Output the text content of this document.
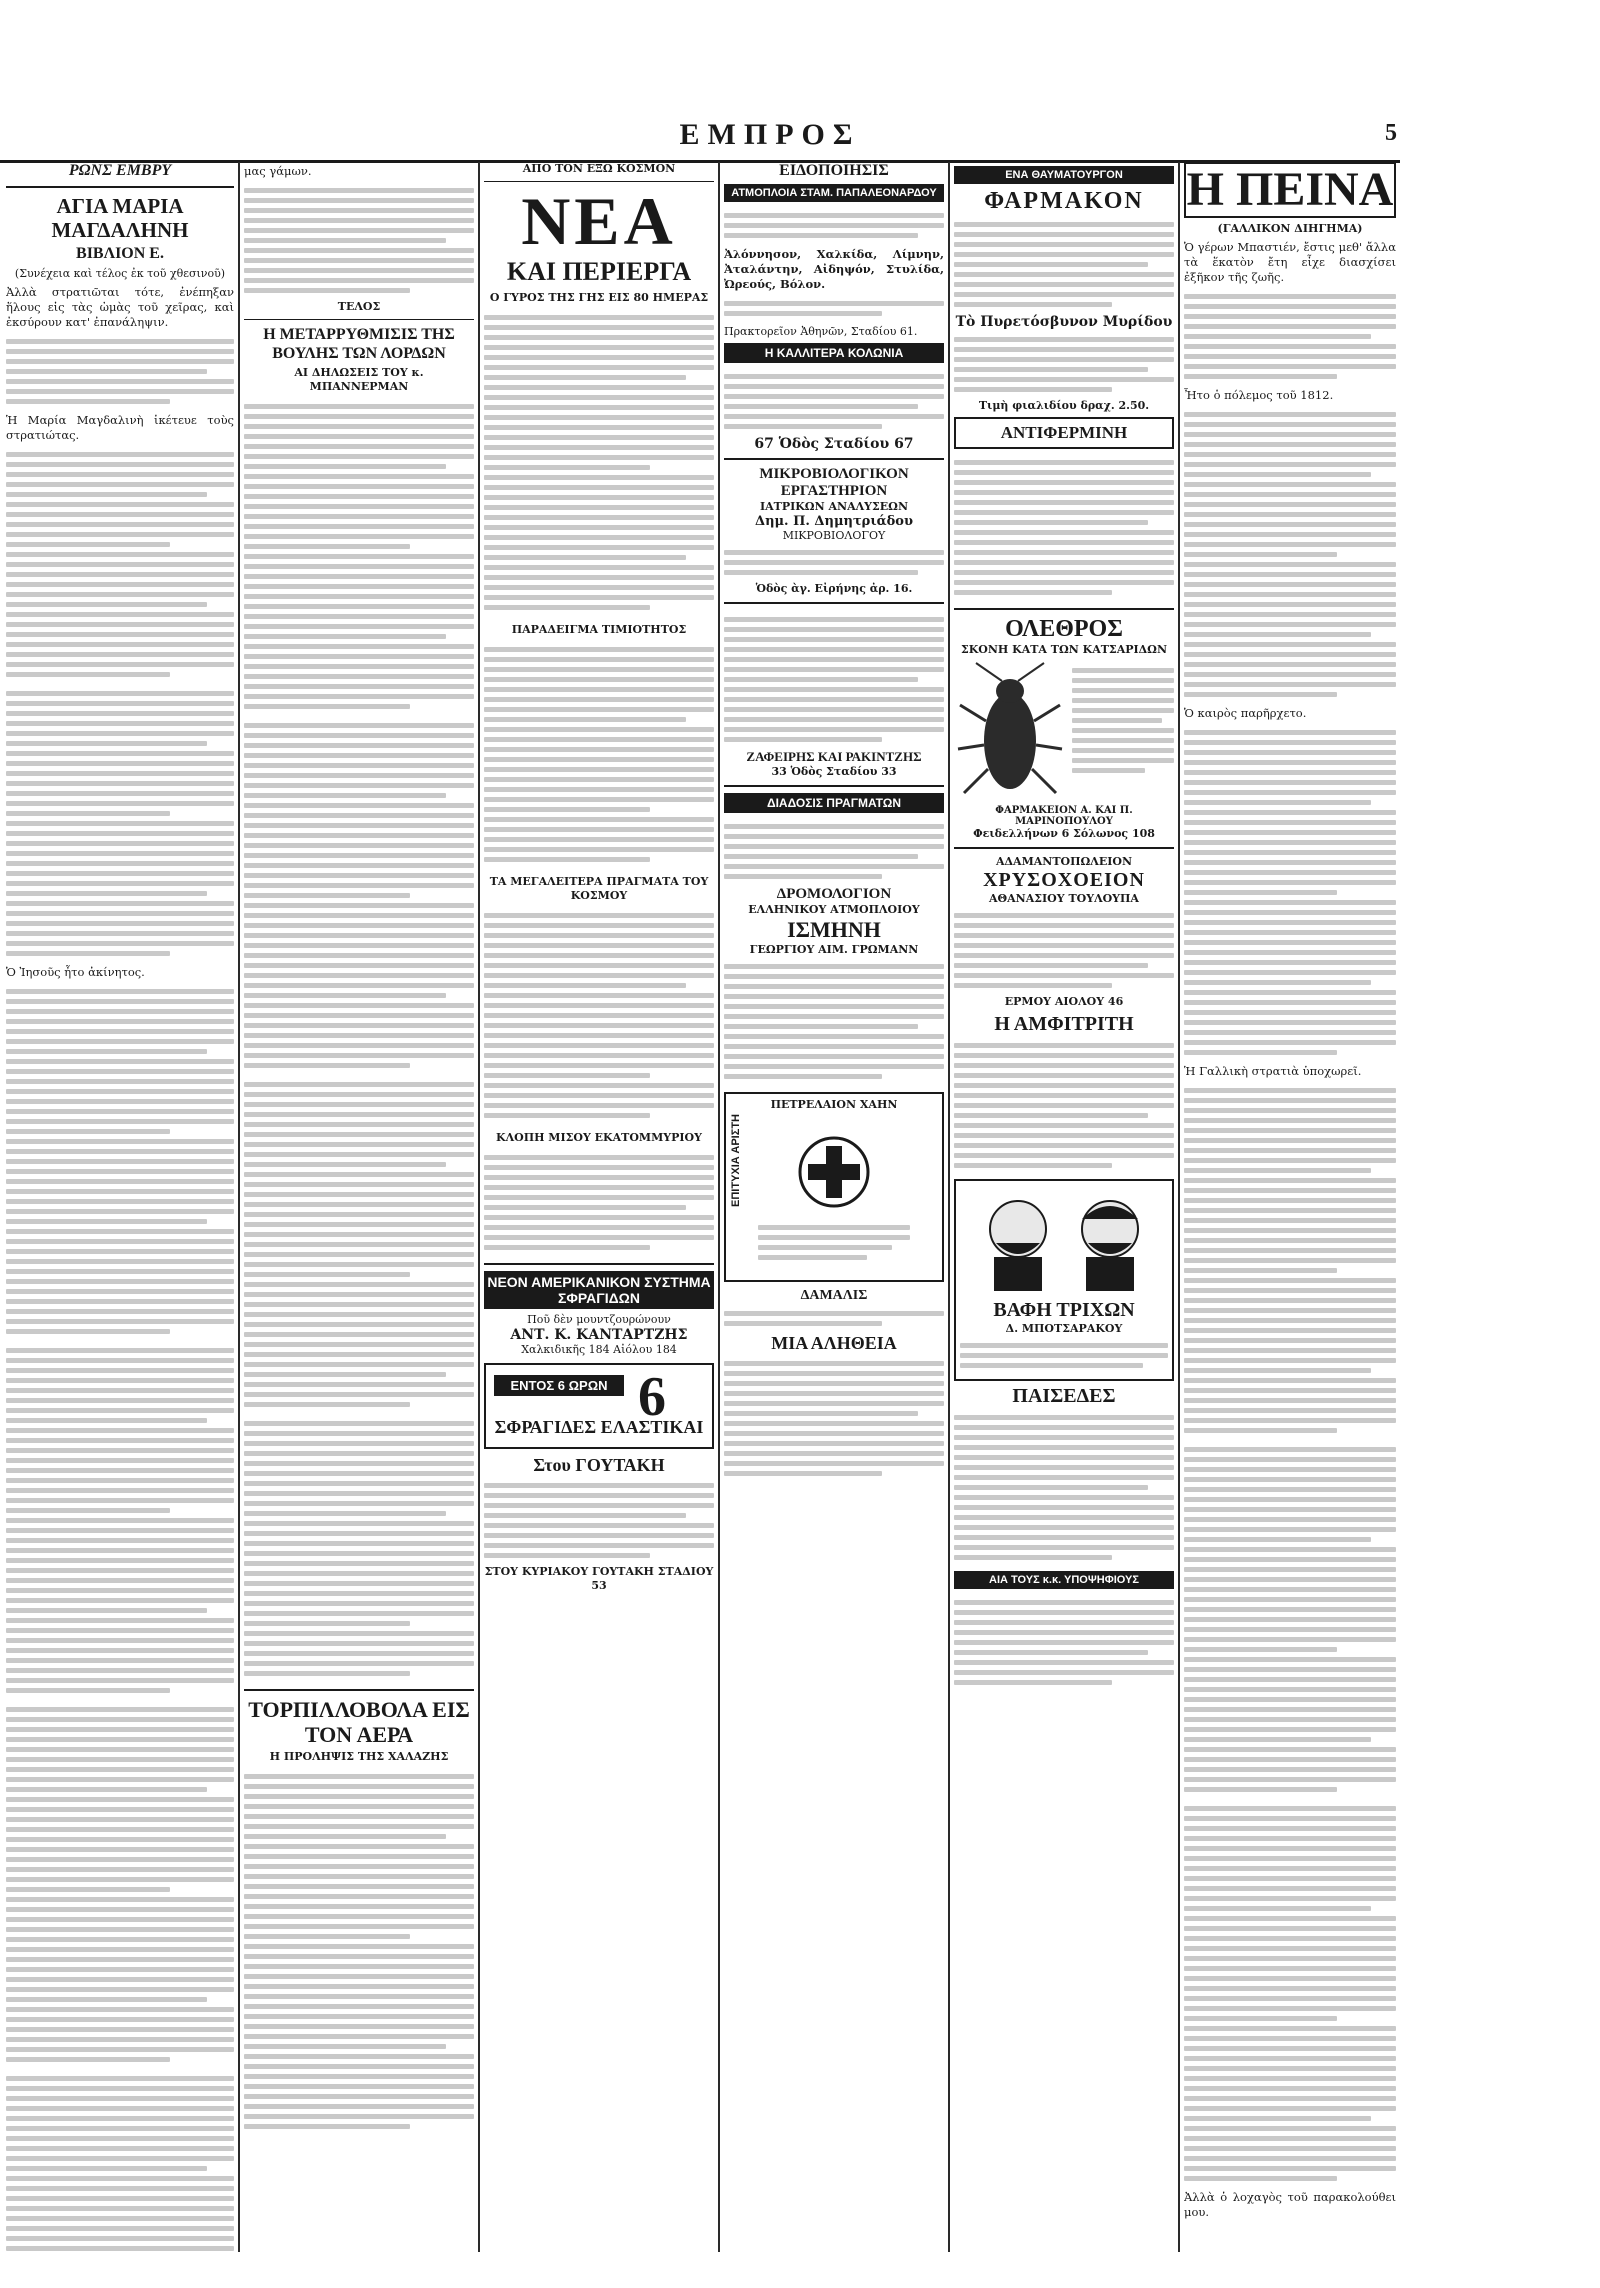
ΕΜΠΡΟΣ	5
ΡΩΝΣ ΕΜΒΡΥ
ΑΓΙΑ ΜΑΡΙΑ ΜΑΓΔΑΛΗΝΗ
ΒΙΒΛΙΟΝ Ε.
(Συνέχεια καὶ τέλος ἐκ τοῦ χθεσινοῦ)
Ἀλλὰ στρατιῶται τότε, ἐνέπηξαν ἥλους εἰς τὰς ὠμὰς τοῦ χεῖρας, καὶ ἐκσύρουν κατ' ἐπανάληψιν.
Ἡ Μαρία Μαγδαλινὴ ἱκέτευε τοὺς στρατιώτας.
Ὁ Ἰησοῦς ἦτο ἀκίνητος.
μας γάμων.
ΤΕΛΟΣ
Η ΜΕΤΑΡΡΥΘΜΙΣΙΣ ΤΗΣ ΒΟΥΛΗΣ ΤΩΝ ΛΟΡΔΩΝ
ΑΙ ΔΗΛΩΣΕΙΣ ΤΟΥ κ. ΜΠΑΝΝΕΡΜΑΝ
ΤΟΡΠΙΛΛΟΒΟΛΑ ΕΙΣ ΤΟΝ ΑΕΡΑ
Η ΠΡΟΛΗΨΙΣ ΤΗΣ ΧΑΛΑΖΗΣ
ΑΠΟ ΤΟΝ ΕΞΩ ΚΟΣΜΟΝ
ΝΕΑ
ΚΑΙ ΠΕΡΙΕΡΓΑ
Ο ΓΥΡΟΣ ΤΗΣ ΓΗΣ ΕΙΣ 80 ΗΜΕΡΑΣ
ΠΑΡΑΔΕΙΓΜΑ ΤΙΜΙΟΤΗΤΟΣ
ΤΑ ΜΕΓΑΛΕΙΤΕΡΑ ΠΡΑΓΜΑΤΑ ΤΟΥ ΚΟΣΜΟΥ
ΚΛΟΠΗ ΜΙΣΟΥ ΕΚΑΤΟΜΜΥΡΙΟΥ
ΝΕΟΝ ΑΜΕΡΙΚΑΝΙΚΟΝ ΣΥΣΤΗΜΑ ΣΦΡΑΓΙΔΩΝ
Ποῦ δὲν μουντζουρώνουν
ΑΝΤ. Κ. ΚΑΝΤΑΡΤΖΗΣ
Χαλκιδικῆς 184 Αἰόλου 184
ΕΝΤΟΣ 6 ΩΡΩΝ 6
ΣΦΡΑΓΙΔΕΣ ΕΛΑΣΤΙΚΑΙ
Στου ΓΟΥΤΑΚΗ
ΣΤΟΥ ΚΥΡΙΑΚΟΥ ΓΟΥΤΑΚΗ ΣΤΑΔΙΟΥ 53
ΕΙΔΟΠΟΙΗΣΙΣ
ΑΤΜΟΠΛΟΙΑ ΣΤΑΜ. ΠΑΠΑΛΕΟΝΑΡΔΟΥ
Ἀλόννησον, Χαλκίδα, Λίμνην, Ἀταλάντην, Αἰδηψόν, Στυλίδα, Ὠρεούς, Βόλον.
Πρακτορεῖον Ἀθηνῶν, Σταδίου 61.
Η ΚΑΛΛΙΤΕΡΑ ΚΟΛΩΝΙΑ
67 Ὁδὸς Σταδίου 67
ΜΙΚΡΟΒΙΟΛΟΓΙΚΟΝ ΕΡΓΑΣΤΗΡΙΟΝ
ΙΑΤΡΙΚΩΝ ΑΝΑΛΥΣΕΩΝ
Δημ. Π. Δημητριάδου
ΜΙΚΡΟΒΙΟΛΟΓΟΥ
Ὁδὸς ὰγ. Εἰρήνης ἀρ. 16.
ΖΑΦΕΙΡΗΣ ΚΑΙ ΡΑΚΙΝΤΖΗΣ
33 Ὁδὸς Σταδίου 33
ΔΙΑΔΟΣΙΣ ΠΡΑΓΜΑΤΩΝ
ΔΡΟΜΟΛΟΓΙΟΝ
ΕΛΛΗΝΙΚΟΥ ΑΤΜΟΠΛΟΙΟΥ
ΙΣΜΗΝΗ
ΓΕΩΡΓΙΟΥ ΑΙΜ. ΓΡΩΜΑΝΝ
ΕΠΙΤΥΧΙΑ ΑΡΙΣΤΗ
ΠΕΤΡΕΛΑΙΟΝ ΧΑΗΝ
ΔΑΜΑΛΙΣ
ΜΙΑ ΑΛΗΘΕΙΑ
ΕΝΑ ΘΑΥΜΑΤΟΥΡΓΟΝ
ΦΑΡΜΑΚΟΝ
Τὸ Πυρετόσβυνον Μυρίδου
Τιμὴ φιαλιδίου δραχ. 2.50.
ΑΝΤΙΦΕΡΜΙΝΗ
ΟΛΕΘΡΟΣ
ΣΚΟΝΗ ΚΑΤΑ ΤΩΝ ΚΑΤΣΑΡΙΔΩΝ
ΦΑΡΜΑΚΕΙΟΝ Α. ΚΑΙ Π. ΜΑΡΙΝΟΠΟΥΛΟΥ
Φειδελλήνων 6 Σόλωνος 108
ΑΔΑΜΑΝΤΟΠΩΛΕΙΟΝ
ΧΡΥΣΟΧΟΕΙΟΝ
ΑΘΑΝΑΣΙΟΥ ΤΟΥΛΟΥΠΑ
ΕΡΜΟΥ ΑΙΟΛΟΥ 46
Η ΑΜΦΙΤΡΙΤΗ
ΒΑΦΗ ΤΡΙΧΩΝ
Δ. ΜΠΟΤΣΑΡΑΚΟΥ
ΠΑΙΣΕΔΕΣ
ΑΙΑ ΤΟΥΣ κ.κ. ΥΠΟΨΗΦΙΟΥΣ
Η ΠΕΙΝΑ
(ΓΑΛΛΙΚΟΝ ΔΙΗΓΗΜΑ)
Ὁ γέρων Μπαστιέν, ἔστις μεθ' ἄλλα τὰ ἕκατὸν ἔτη εἶχε διασχίσει ἐξῆκον τῆς ζωῆς.
Ἦτο ὁ πόλεμος τοῦ 1812.
Ὁ καιρὸς παρῆρχετο.
Ἡ Γαλλικὴ στρατιὰ ὑποχωρεῖ.
Ἀλλὰ ὁ λοχαγὸς τοῦ παρακολούθει μου.
